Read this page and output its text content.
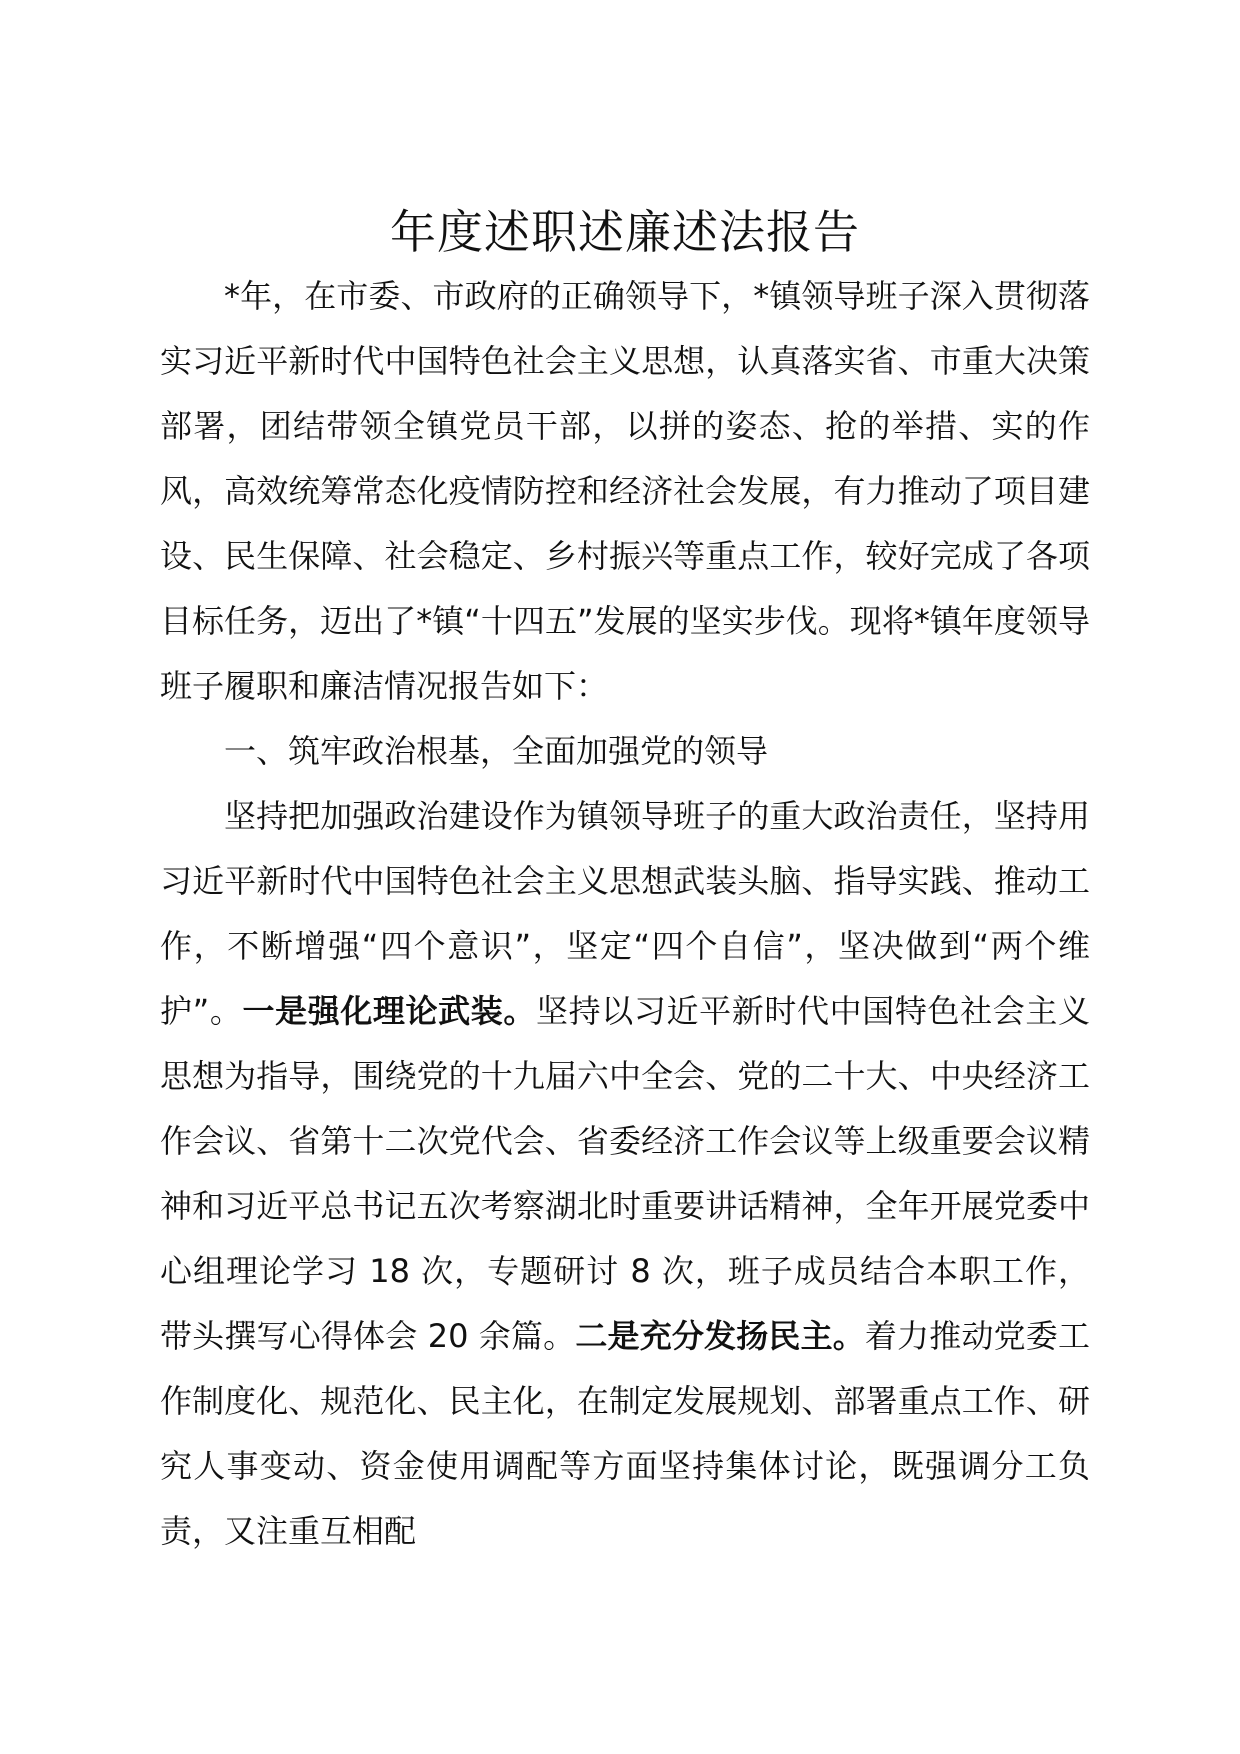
年度述职述廉述法报告

*年，在市委、市政府的正确领导下，*镇领导班子深入贯彻落实习近平新时代中国特色社会主义思想，认真落实省、市重大决策部署，团结带领全镇党员干部，以拼的姿态、抢的举措、实的作风，高效统筹常态化疫情防控和经济社会发展，有力推动了项目建设、民生保障、社会稳定、乡村振兴等重点工作，较好完成了各项目标任务，迈出了*镇“十四五”发展的坚实步伐。现将*镇年度领导班子履职和廉洁情况报告如下：

一、筑牢政治根基，全面加强党的领导

坚持把加强政治建设作为镇领导班子的重大政治责任，坚持用习近平新时代中国特色社会主义思想武装头脑、指导实践、推动工作，不断增强“四个意识”，坚定“四个自信”，坚决做到“两个维护”。一是强化理论武装。坚持以习近平新时代中国特色社会主义思想为指导，围绕党的十九届六中全会、党的二十大、中央经济工作会议、省第十二次党代会、省委经济工作会议等上级重要会议精神和习近平总书记五次考察湖北时重要讲话精神，全年开展党委中心组理论学习 18 次，专题研讨 8 次，班子成员结合本职工作，带头撰写心得体会 20 余篇。二是充分发扬民主。着力推动党委工作制度化、规范化、民主化，在制定发展规划、部署重点工作、研究人事变动、资金使用调配等方面坚持集体讨论，既强调分工负责，又注重互相配
